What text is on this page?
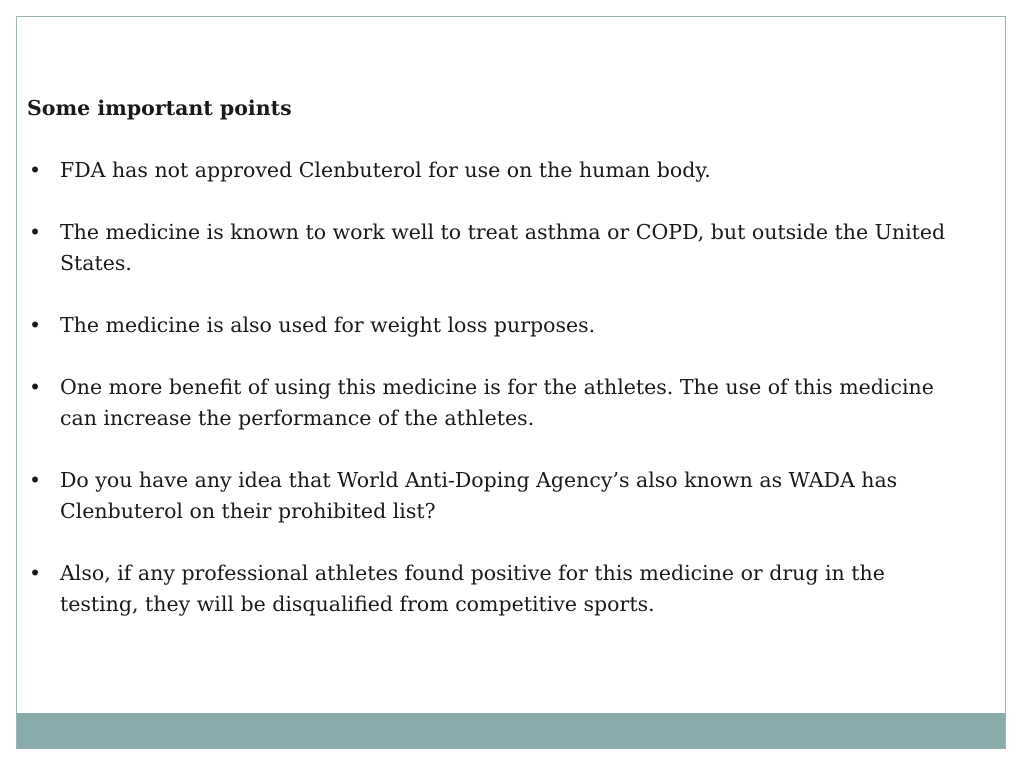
Some important points

• FDA has not approved Clenbuterol for use on the human body.
• The medicine is known to work well to treat asthma or COPD, but outside the United States.
• The medicine is also used for weight loss purposes.
• One more benefit of using this medicine is for the athletes. The use of this medicine can increase the performance of the athletes.
• Do you have any idea that World Anti-Doping Agency’s also known as WADA has Clenbuterol on their prohibited list?
• Also, if any professional athletes found positive for this medicine or drug in the testing, they will be disqualified from competitive sports.
